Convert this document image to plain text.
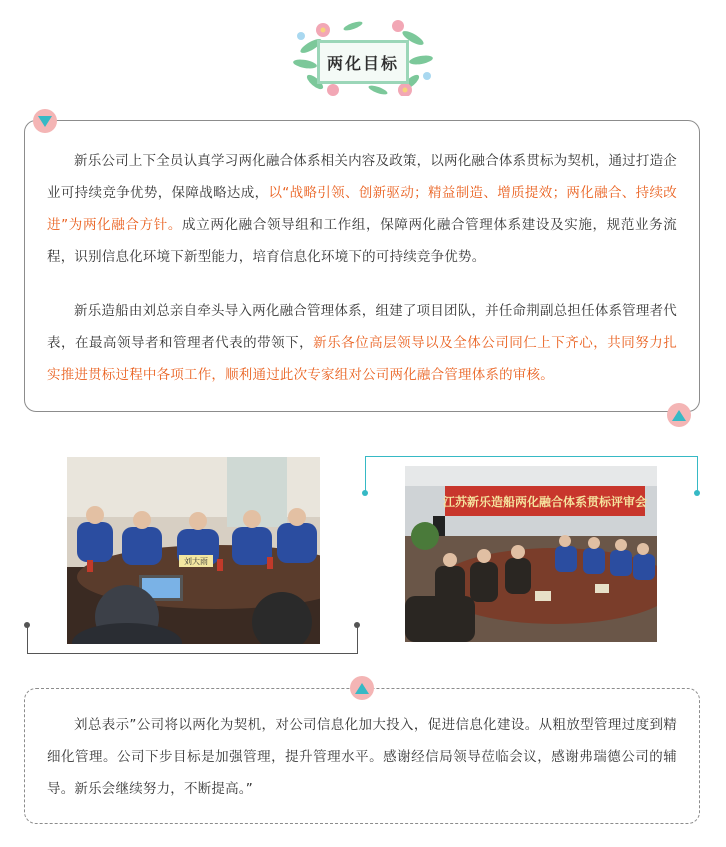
两化目标

新乐公司上下全员认真学习两化融合体系相关内容及政策，以两化融合体系贯标为契机，通过打造企业可持续竞争优势，保障战略达成，以“战略引领、创新驱动；精益制造、增质提效；两化融合、持续改进”为两化融合方针。成立两化融合领导组和工作组，保障两化融合管理体系建设及实施，规范业务流程，识别信息化环境下新型能力，培育信息化环境下的可持续竞争优势。

新乐造船由刘总亲自牵头导入两化融合管理体系，组建了项目团队，并任命荆副总担任体系管理者代表，在最高领导者和管理者代表的带领下，新乐各位高层领导以及全体公司同仁上下齐心，共同努力扎实推进贯标过程中各项工作，顺利通过此次专家组对公司两化融合管理体系的审核。

刘大雨
江苏新乐造船两化融合体系贯标评审会

刘总表示”公司将以两化为契机，对公司信息化加大投入，促进信息化建设。从粗放型管理过度到精细化管理。公司下步目标是加强管理，提升管理水平。感谢经信局领导莅临会议，感谢弗瑞德公司的辅导。新乐会继续努力，不断提高。”
